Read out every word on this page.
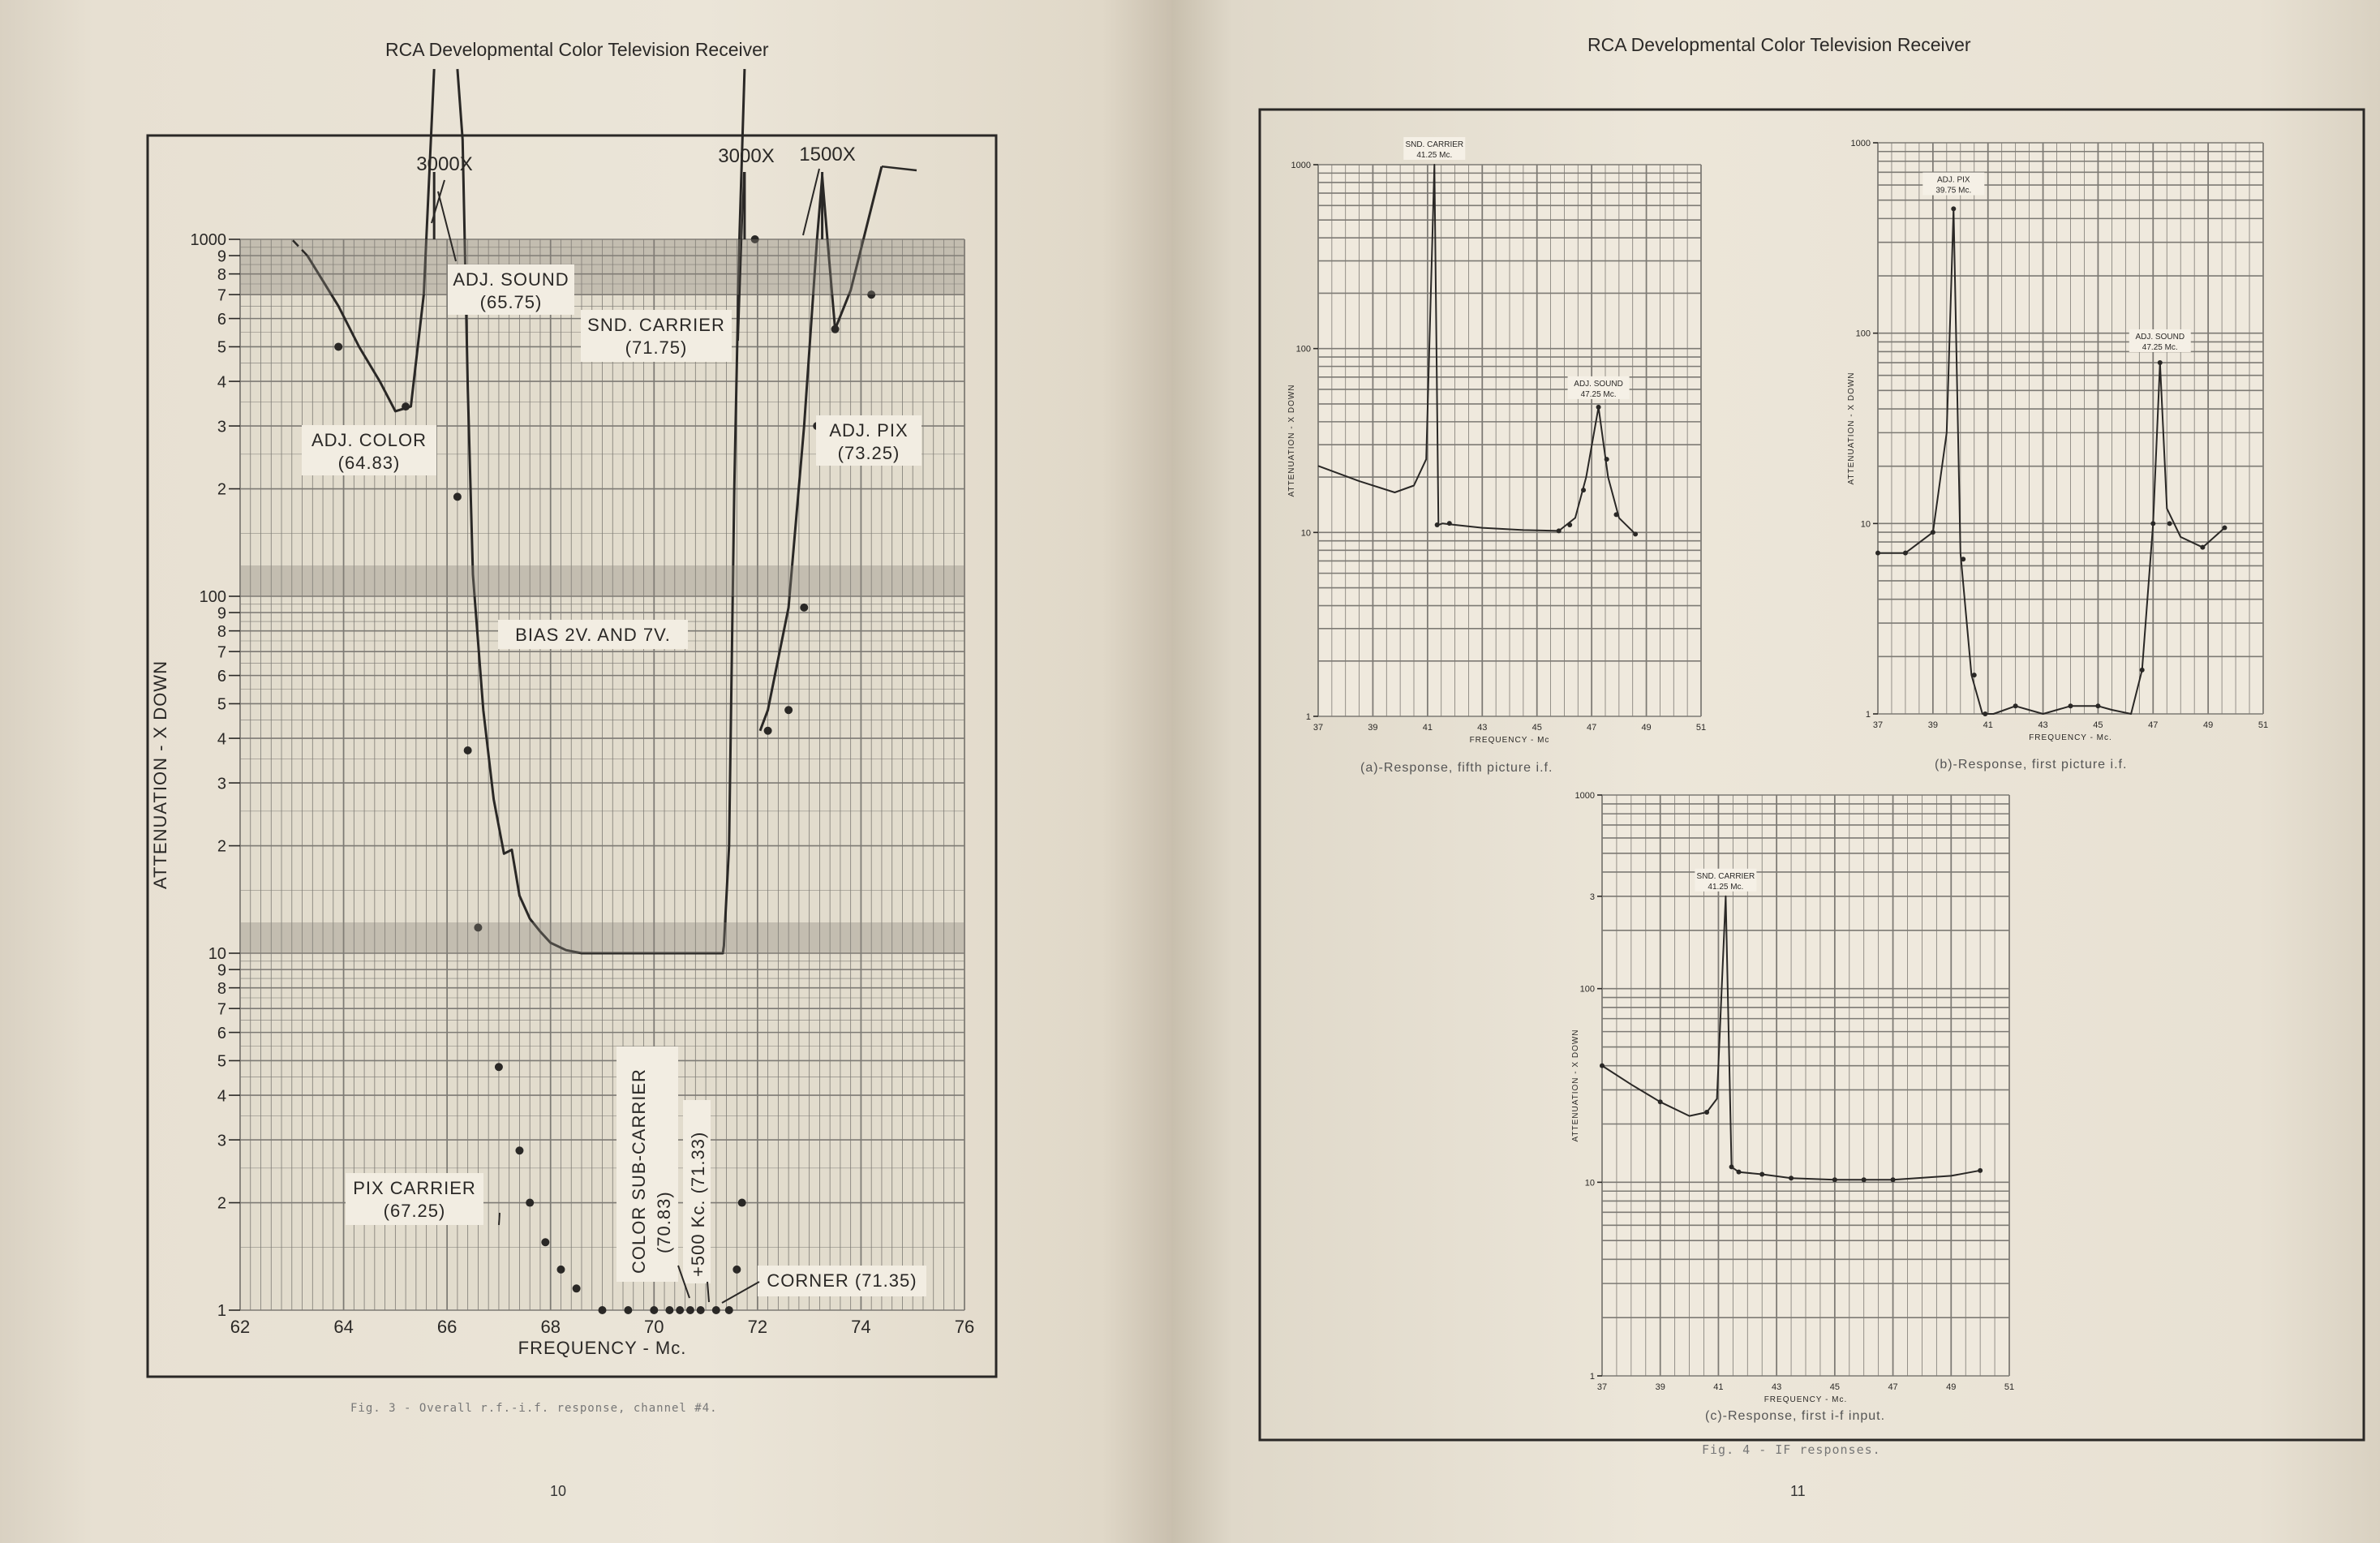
RCA Developmental Color Television Receiver
1
2
3
4
5
6
7
8
9
10
2
3
4
5
6
7
8
9
100
2
3
4
5
6
7
8
9
1000
62	64	66	68	70	72	74	76
FREQUENCY - Mc.
ATTENUATION - X DOWN
3000X	3000X 1500X
ADJ. SOUND
(65.75)
SND. CARRIER
(71.75)
ADJ. COLOR
(64.83)
ADJ. PIX
(73.25)
BIAS 2V. AND 7V.
PIX CARRIER
(67.25)
CORNER (71.35)
COLOR SUB-CARRIER (70.83) +500 Kc. (71.33)
Fig. 3 - Overall r.f.-i.f. response, channel #4.
10
RCA Developmental Color Television Receiver
1
10
100
1000
37	39	41	43	45	47	49	51
FREQUENCY - Mc
ATTENUATION - X DOWN
SND. CARRIER
41.25 Mc.
ADJ. SOUND
47.25 Mc.
(a)-Response, fifth picture i.f.
1
10
100
1000
37	39	41	43	45	47	49	51
FREQUENCY - Mc.
ATTENUATION - X DOWN
ADJ. PIX
39.75 Mc.
ADJ. SOUND
47.25 Mc.
(b)-Response, first picture i.f.
1
10
100
3
1000
37	39	41	43	45	47	49	51
FREQUENCY - Mc.
ATTENUATION - X DOWN
SND. CARRIER
41.25 Mc.
(c)-Response, first i-f input.
Fig. 4 - IF responses.
11
